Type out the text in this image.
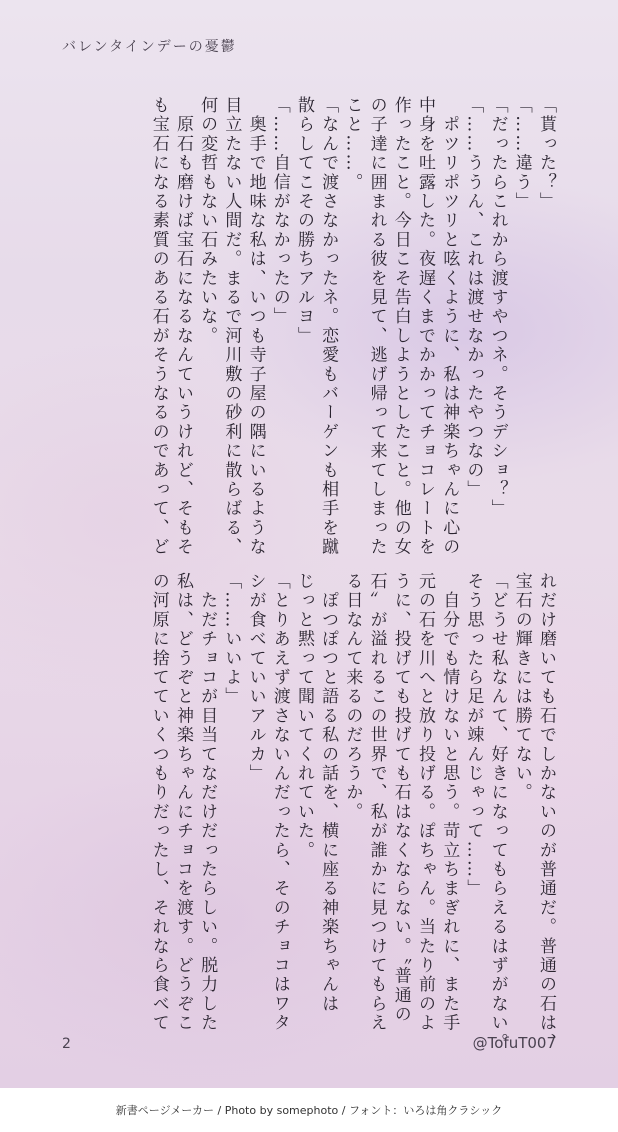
バレンタインデーの憂鬱

「貰った？」

「……違う」

「だったらこれから渡すやつネ。そうデショ？」

「……ううん、これは渡せなかったやつなの」

　ポツリポツリと呟くように、私は神楽ちゃんに心の

中身を吐露した。夜遅くまでかかってチョコレートを

作ったこと。今日こそ告白しようとしたこと。他の女

の子達に囲まれる彼を見て、逃げ帰って来てしまった

こと……。

「なんで渡さなかったネ。恋愛もバーゲンも相手を蹴

散らしてこその勝ちアルヨ」

「……自信がなかったの」

　奥手で地味な私は、いつも寺子屋の隅にいるような

目立たない人間だ。まるで河川敷の砂利に散らばる、

何の変哲もない石みたいな。

　原石も磨けば宝石になるなんていうけれど、そもそ

も宝石になる素質のある石がそうなるのであって、ど

れだけ磨いても石でしかないのが普通だ。普通の石は、

宝石の輝きには勝てない。

「どうせ私なんて、好きになってもらえるはずがない。

そう思ったら足が竦んじゃって……」

　自分でも情けないと思う。苛立ちまぎれに、また手

元の石を川へと放り投げる。ぽちゃん。当たり前のよ

うに、投げても投げても石はなくならない。〝普通の

石〟が溢れるこの世界で、私が誰かに見つけてもらえ

る日なんて来るのだろうか。

　ぽつぽつと語る私の話を、横に座る神楽ちゃんは

じっと黙って聞いてくれていた。

「とりあえず渡さないんだったら、そのチョコはワタ

シが食べていいアルカ」

「……いいよ」

　ただチョコが目当てなだけだったらしい。脱力した

私は、どうぞと神楽ちゃんにチョコを渡す。どうぞこ

の河原に捨てていくつもりだったし、それなら食べて

2	@TofuT007
新書ページメーカー / Photo by somephoto / フォント：いろは角クラシック
